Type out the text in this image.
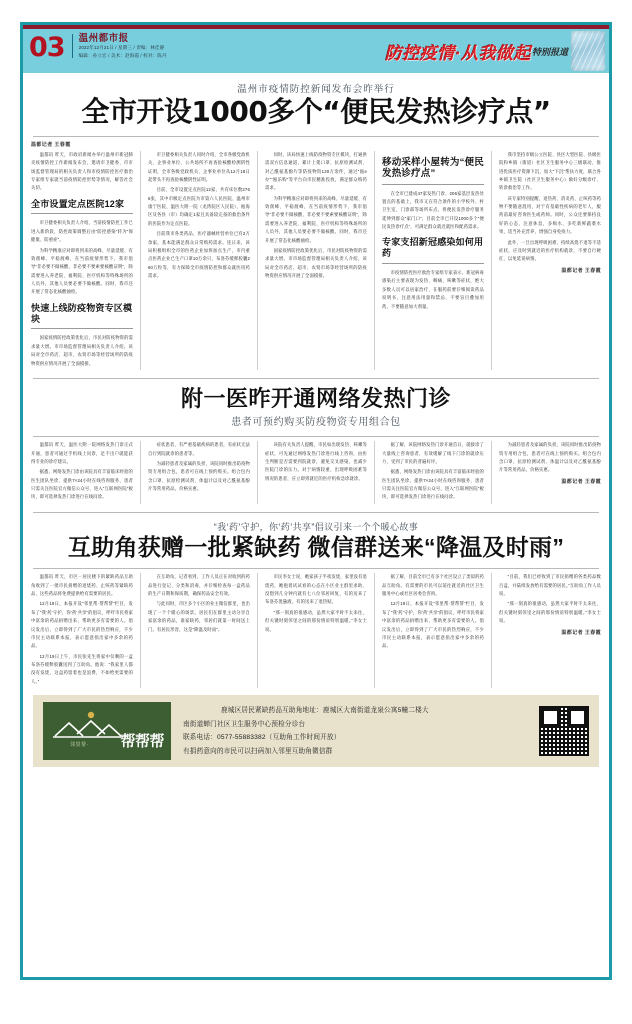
03 温州都市报
2022年12月21日 / 星期三 / 责编：林佳静
编辑：孙立宏 / 美术：赵海霞 / 校对：陈丹	防控疫情·从我做起 特别报道
温州市疫情防控新闻发布会昨举行
全市开设1000多个“便民发热诊疗点”
温都记者 王春霞

温都讯 昨天，市政府新闻办举行温州市新冠肺炎疫情防控工作新闻发布会，邀请市卫健委、市市场监督管理局的相关负责人和市疫情防控医疗救治专家组专家就当前疫情防控形势等情况，解答社会关切。

全市设置定点医院12家

市卫健委相关负责人介绍，当前疫情防控工作已进入新阶段，防控政策调整后由“防控感染”转为“保健康、防重症”。

为科学精准应对即将到来的高峰、尽量延缓、有效削峰、平稳渡峰，在当前疫情形势下，我市倡导“非必要不做核酸、非必要不要索要核酸证明”，除需要进入养老院、福利院、医疗机构等特殊场所的人员外，其他人员要必要不做核酸。同时，我市还开展了常态化核酸抽检。

快速上线防疫物资专区模块

国家疫情防控政策优化后，市民对防疫物资的需求量大增。市市场监督管理局相关负责人介绍，该局对全市药店、超市、农贸市场等经营场所的防疫物资供应情况开展了全面摸排。

市卫健委相关负责人同时介绍，全市各级党政机关、企事业单位、公共场所不再查验核酸检测阴性证明，全市各级党政机关、企事业单位从12月18日起带头不再查验核酸阴性证明。

目前，全市设置定点医院12家，共有床位数2766张，其中市级定点医院为市第六人民医院、温州市康宁医院、温医大附一院（龙湾院区人民院），瓯海区及各县（市）均确定1家且具备较完备的救治条件的医院作为定点医院。

目前我市各类药品、医疗器械经营单位已有2万余家，基本能满足群众日常购药需求。连日来，该局积极组织全市的医药企业加班加点生产，市内重点医药企业已生产口罩10万余只、布洛芬缓释胶囊260万粒等，有力保障全市疫情防控和群众就医用药需求。

同时，该局快速上线防疫物资专区模块，打通供需双方信息通道，累计上架口罩、抗原检测试剂、对乙酰氨基酚片等防疫物资120万余件，通过“瓯e办”“瓯乐购”等平台向市民精准投放，满足群众购药需求。

为科学精准应对即将到来的高峰、尽量延缓、有效削峰、平稳渡峰，在当前疫情形势下，我市倡导“非必要不做核酸、非必要不要索要核酸证明”，除需要进入养老院、福利院、医疗机构等特殊场所的人员外，其他人员要必要不做核酸。同时，我市还开展了常态化核酸抽检。

国家疫情防控政策优化后，市民对防疫物资的需求量大增。市市场监督管理局相关负责人介绍，该局对全市药店、超市、农贸市场等经营场所的防疫物资供应情况开展了全面摸排。

移动采样小屋转为“便民发热诊疗点”

在全市已建成47家发热门诊、206家基层发热处置点的基础上，我市又在符合条件的小学校外、村卫生室、门诊部等场所布点，将便民发热诊疗服务延伸到群众“家门口”，目前全市已开设1000多个“便民发热诊疗点”，可满足群众就近就医和配药需求。

专家支招新冠感染如何用药

市疫情防控医疗救治专家组专家表示，新冠病毒感染后主要表现为发热、咽痛、咳嗽等症状，绝大多数人员可以居家治疗，在服药前要仔细阅读药品说明书，注意用法用量和禁忌，不要盲目叠加用药，不要随意加大剂量。

我市坚持市级公立医院、县区大型医院、县级医院和乡镇（街道）社区卫生服务中心三级联动，推进优质医疗资源下沉，加大“下沉”帮扶力度，联合各乡镇卫生院（社区卫生服务中心）做好分级诊疗、转诊救治等工作。

该专家特别提醒，退热药、消炎药、止咳药等药物不要随意混用，对于有基础性疾病的老年人，服药前最好咨询医生或药师。同时，公众还要保持良好的心态，注意休息，多喝水，多吃新鲜蔬菜水果，适当补充营养，增强自身免疫力。

此外，一旦出现呼吸困难、持续高烧不退等不适症状，应及时到就近的医疗机构就诊，不要自行硬扛，以免延误病情。

温都记者 王春霞
附一医昨开通网络发热门诊
患者可预约购买防疫物资专用组合包

温都讯 昨天，温医大附一院网络发热门诊正式开通，患者可通过手机线上问诊，足不出户就能获得专业的诊疗建议。

据悉，网络发热门诊由该院具有丰富临床经验的医生团队坐诊，提供7×24小时在线咨询服务，患者只需关注医院官方微信公众号，进入“互联网医院”板块，即可选择发热门诊进行在线问诊。

症状患者，有严重基础疾病的患者，有症状无法自行到院就诊的患者等。

为减轻患者及家属的负担，该院同时推出防疫物资专用组合包，患者可在线上预约购买。组合包内含口罩、抗原检测试剂、体温计以及对乙酰氨基酚片等常用药品，价格实惠。

该院有关负责人提醒，市民如出现发热、咳嗽等症状，可先通过网络发热门诊进行线上咨询，由医生判断是否需要到院就诊，避免交叉感染，也减少医院门诊的压力。对于病情较重、出现呼吸困难等情况的患者，应立即到就近的医疗机构急诊就诊。

据了解，该院网络发热门诊开通首日，就接诊了大量线上咨询患者，有效缓解了线下门诊的就诊压力，受到了市民的普遍好评。

据悉，网络发热门诊由该院具有丰富临床经验的医生团队坐诊，提供7×24小时在线咨询服务，患者只需关注医院官方微信公众号，进入“互联网医院”板块，即可选择发热门诊进行在线问诊。

为减轻患者及家属的负担，该院同时推出防疫物资专用组合包，患者可在线上预约购买。组合包内含口罩、抗原检测试剂、体温计以及对乙酰氨基酚片等常用药品，价格实惠。

温都记者 王春霞
“我‘药’守护，你‘药’共享”倡议引来一个个暖心故事
互助角获赠一批紧缺药 微信群送来“降温及时雨”

温都讯 昨天，市区一居民楼下的紧缺药品互助角收到了一批市民捐赠的退烧药、止咳药等紧缺药品，这些药品将免费提供给有需要的居民。

12月19日，本报开设“邻里帮·帮帮帮”栏目，发布了“我‘药’守护，你‘药’共享”的倡议，呼吁市民将家中富余的药品捐赠出来，帮助更多有需要的人。倡议发出后，立即得到了广大市民的热烈响应，不少市民主动联系本报，表示愿意捐出家中多余的药品。

12月19日上午，市民张先生将家中仅剩的一盒布洛芬缓释胶囊送到了互助角。他说：“我家里人都没有发烧，这盒药留着也是浪费，不如给更需要的人。”

在互助角，记者看到，工作人员正在对收到的药品进行登记、分类和消毒，并仔细检查每一盒药品的生产日期和保质期，确保药品安全有效。

与此同时，市区多个小区的业主微信群里，也出现了一个个暖心的场景。居民们在群里主动分享自家富余的药品，谁家缺药，邻居们就第一时间送上门。有居民形容，这是“降温及时雨”。

市民李女士说，她家孩子半夜发烧，家里没有退烧药，她抱着试试看的心态在小区业主群里求助，没想到几分钟内就有七八位邻居回复，有的送来了布洛芬混悬液，有的送来了退热贴。

“那一刻真的很感动，虽然大家平时不太来往，但关键时刻邻里之间的那份情谊特别温暖。”李女士说。

据了解，目前全市已有多个社区设立了类似的药品互助角。有需要的市民可以前往就近的社区卫生服务中心或社区居委会咨询。

12月19日，本报开设“邻里帮·帮帮帮”栏目，发布了“我‘药’守护，你‘药’共享”的倡议，呼吁市民将家中富余的药品捐赠出来，帮助更多有需要的人。倡议发出后，立即得到了广大市民的热烈响应，不少市民主动联系本报，表示愿意捐出家中多余的药品。

“目前，我们已经收到了市民捐赠的各类药品数百盒，并陆续发放给有需要的居民。”互助角工作人员说。

“那一刻真的很感动，虽然大家平时不太来往，但关键时刻邻里之间的那份情谊特别温暖。”李女士说。

温都记者 王春霞
邻里帮· 帮帮帮
鹿城区居民紧缺药品互助角地址：鹿城区大南街道龙泉公寓5幢二楼大
南街道蝉门社区卫生服务中心预检分诊台
联系电话：0577-55883382（互助角工作时间开放）
有捐药意向的市民可以扫码加入邻里互助角微信群
